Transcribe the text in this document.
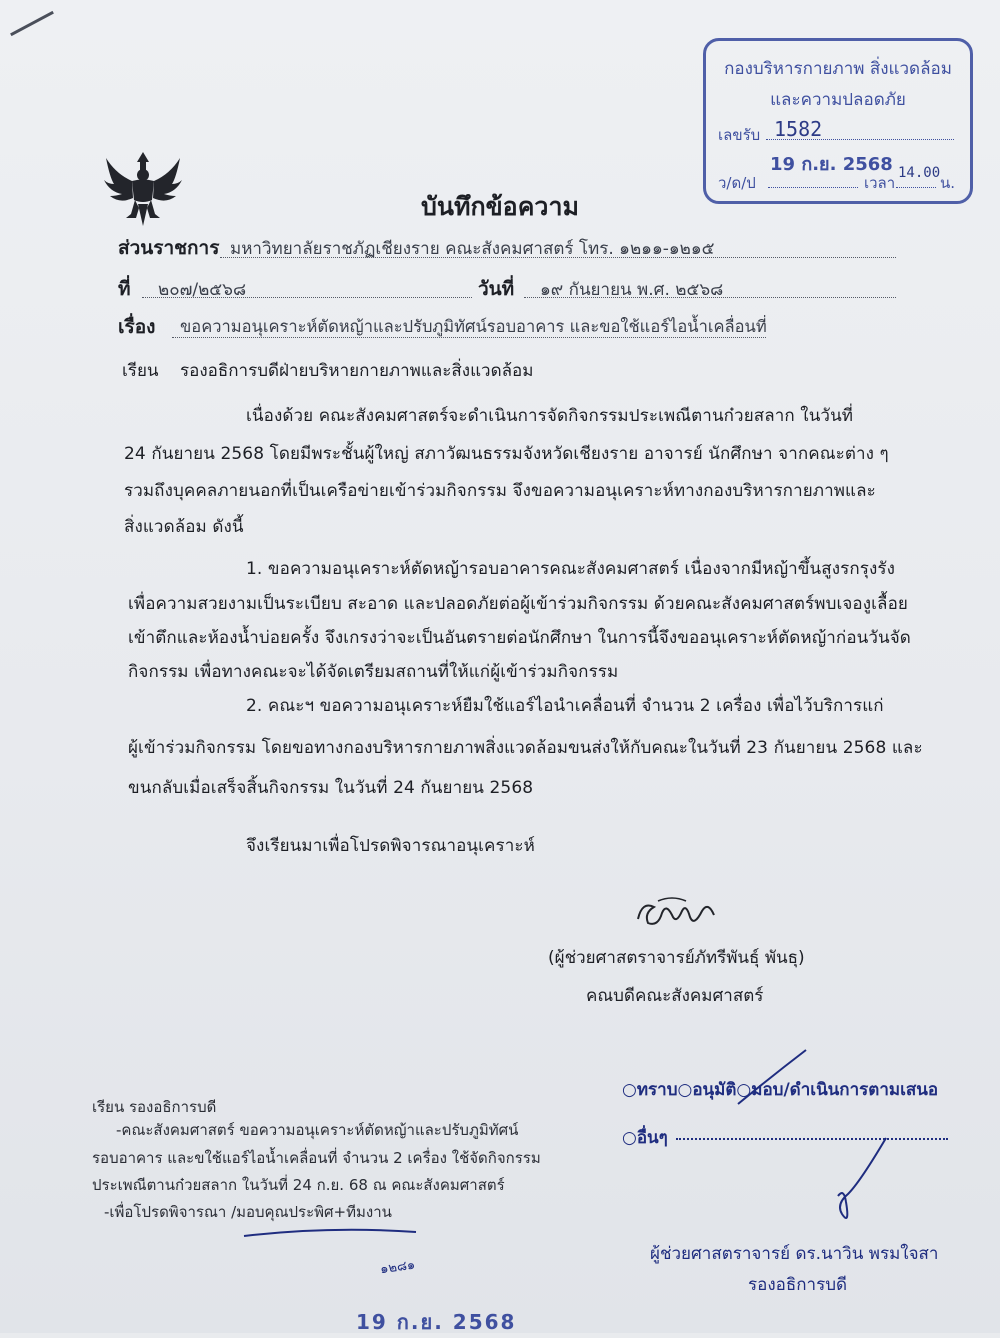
กองบริหารกายภาพ สิ่งแวดล้อม
และความปลอดภัย
เลขรับ 1582
19 ก.ย. 2568
ว/ด/ป	เวลา
14.00
น.
บันทึกข้อความ
ส่วนราชการ มหาวิทยาลัยราชภัฏเชียงราย คณะสังคมศาสตร์ โทร. ๑๒๑๑-๑๒๑๕
ที่ ๒๐๗/๒๕๖๘	วันที่ ๑๙ กันยายน พ.ศ. ๒๕๖๘
เรื่อง ขอความอนุเคราะห์ตัดหญ้าและปรับภูมิทัศน์รอบอาคาร และขอใช้แอร์ไอน้ำเคลื่อนที่
เรียน รองอธิการบดีฝ่ายบริหายกายภาพและสิ่งแวดล้อม
เนื่องด้วย คณะสังคมศาสตร์จะดำเนินการจัดกิจกรรมประเพณีตานก๋วยสลาก ในวันที่
24 กันยายน 2568 โดยมีพระชั้นผู้ใหญ่ สภาวัฒนธรรมจังหวัดเชียงราย อาจารย์ นักศึกษา จากคณะต่าง ๆ
รวมถึงบุคคลภายนอกที่เป็นเครือข่ายเข้าร่วมกิจกรรม จึงขอความอนุเคราะห์ทางกองบริหารกายภาพและ
สิ่งแวดล้อม ดังนี้
1. ขอความอนุเคราะห์ตัดหญ้ารอบอาคารคณะสังคมศาสตร์ เนื่องจากมีหญ้าขึ้นสูงรกรุงรัง
เพื่อความสวยงามเป็นระเบียบ สะอาด และปลอดภัยต่อผู้เข้าร่วมกิจกรรม ด้วยคณะสังคมศาสตร์พบเจองูเลื้อย
เข้าตึกและห้องน้ำบ่อยครั้ง จึงเกรงว่าจะเป็นอันตรายต่อนักศึกษา ในการนี้จึงขออนุเคราะห์ตัดหญ้าก่อนวันจัด
กิจกรรม เพื่อทางคณะจะได้จัดเตรียมสถานที่ให้แก่ผู้เข้าร่วมกิจกรรม
2. คณะฯ ขอความอนุเคราะห์ยืมใช้แอร์ไอนำเคลื่อนที่ จำนวน 2 เครื่อง เพื่อไว้บริการแก่
ผู้เข้าร่วมกิจกรรม โดยขอทางกองบริหารกายภาพสิ่งแวดล้อมขนส่งให้กับคณะในวันที่ 23 กันยายน 2568 และ
ขนกลับเมื่อเสร็จสิ้นกิจกรรม ในวันที่ 24 กันยายน 2568
จึงเรียนมาเพื่อโปรดพิจารณาอนุเคราะห์
(ผู้ช่วยศาสตราจารย์ภัทรีพันธุ์ พันธุ)
คณบดีคณะสังคมศาสตร์
เรียน รองอธิการบดี
-คณะสังคมศาสตร์ ขอความอนุเคราะห์ตัดหญ้าและปรับภูมิทัศน์
รอบอาคาร และขใช้แอร์ไอน้ำเคลื่อนที่ จำนวน 2 เครื่อง ใช้จัดกิจกรรม
ประเพณีตานก๋วยสลาก ในวันที่ 24 ก.ย. 68 ณ คณะสังคมศาสตร์
-เพื่อโปรดพิจารณา /มอบคุณประพิศ+ทีมงาน
๑๒๘๑
19 ก.ย. 2568
○ทราบ○อนุมัติ○มอบ/ดำเนินการตามเสนอ
○อื่นๆ
ผู้ช่วยศาสตราจารย์ ดร.นาวิน พรมใจสา
รองอธิการบดี
